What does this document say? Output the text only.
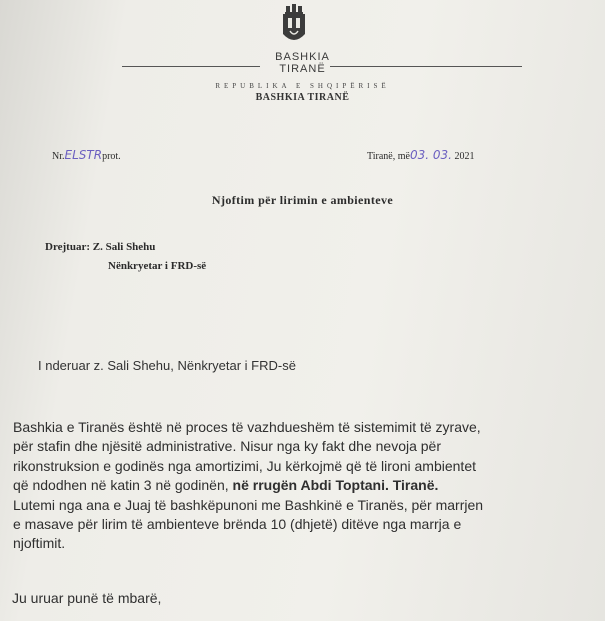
BASHKIA
TIRANË
REPUBLIKA E SHQIPËRISË
BASHKIA TIRANË
Nr.ELSTRprot.	Tiranë, më03. 03. 2021
Njoftim për lirimin e ambienteve
Drejtuar: Z. Sali Shehu
Nënkryetar i FRD-së
I nderuar z. Sali Shehu, Nënkryetar i FRD-së
Bashkia e Tiranës është në proces të vazhdueshëm të sistemimit të zyrave,
për stafin dhe njësitë administrative. Nisur nga ky fakt dhe nevoja për
rikonstruksion e godinës nga amortizimi, Ju kërkojmë që të lironi ambientet
që ndodhen në katin 3 në godinën, në rrugën Abdi Toptani. Tiranë.
Lutemi nga ana e Juaj të bashkëpunoni me Bashkinë e Tiranës, për marrjen
e masave për lirim të ambienteve brënda 10 (dhjetë) ditëve nga marrja e
njoftimit.
Ju uruar punë të mbarë,
